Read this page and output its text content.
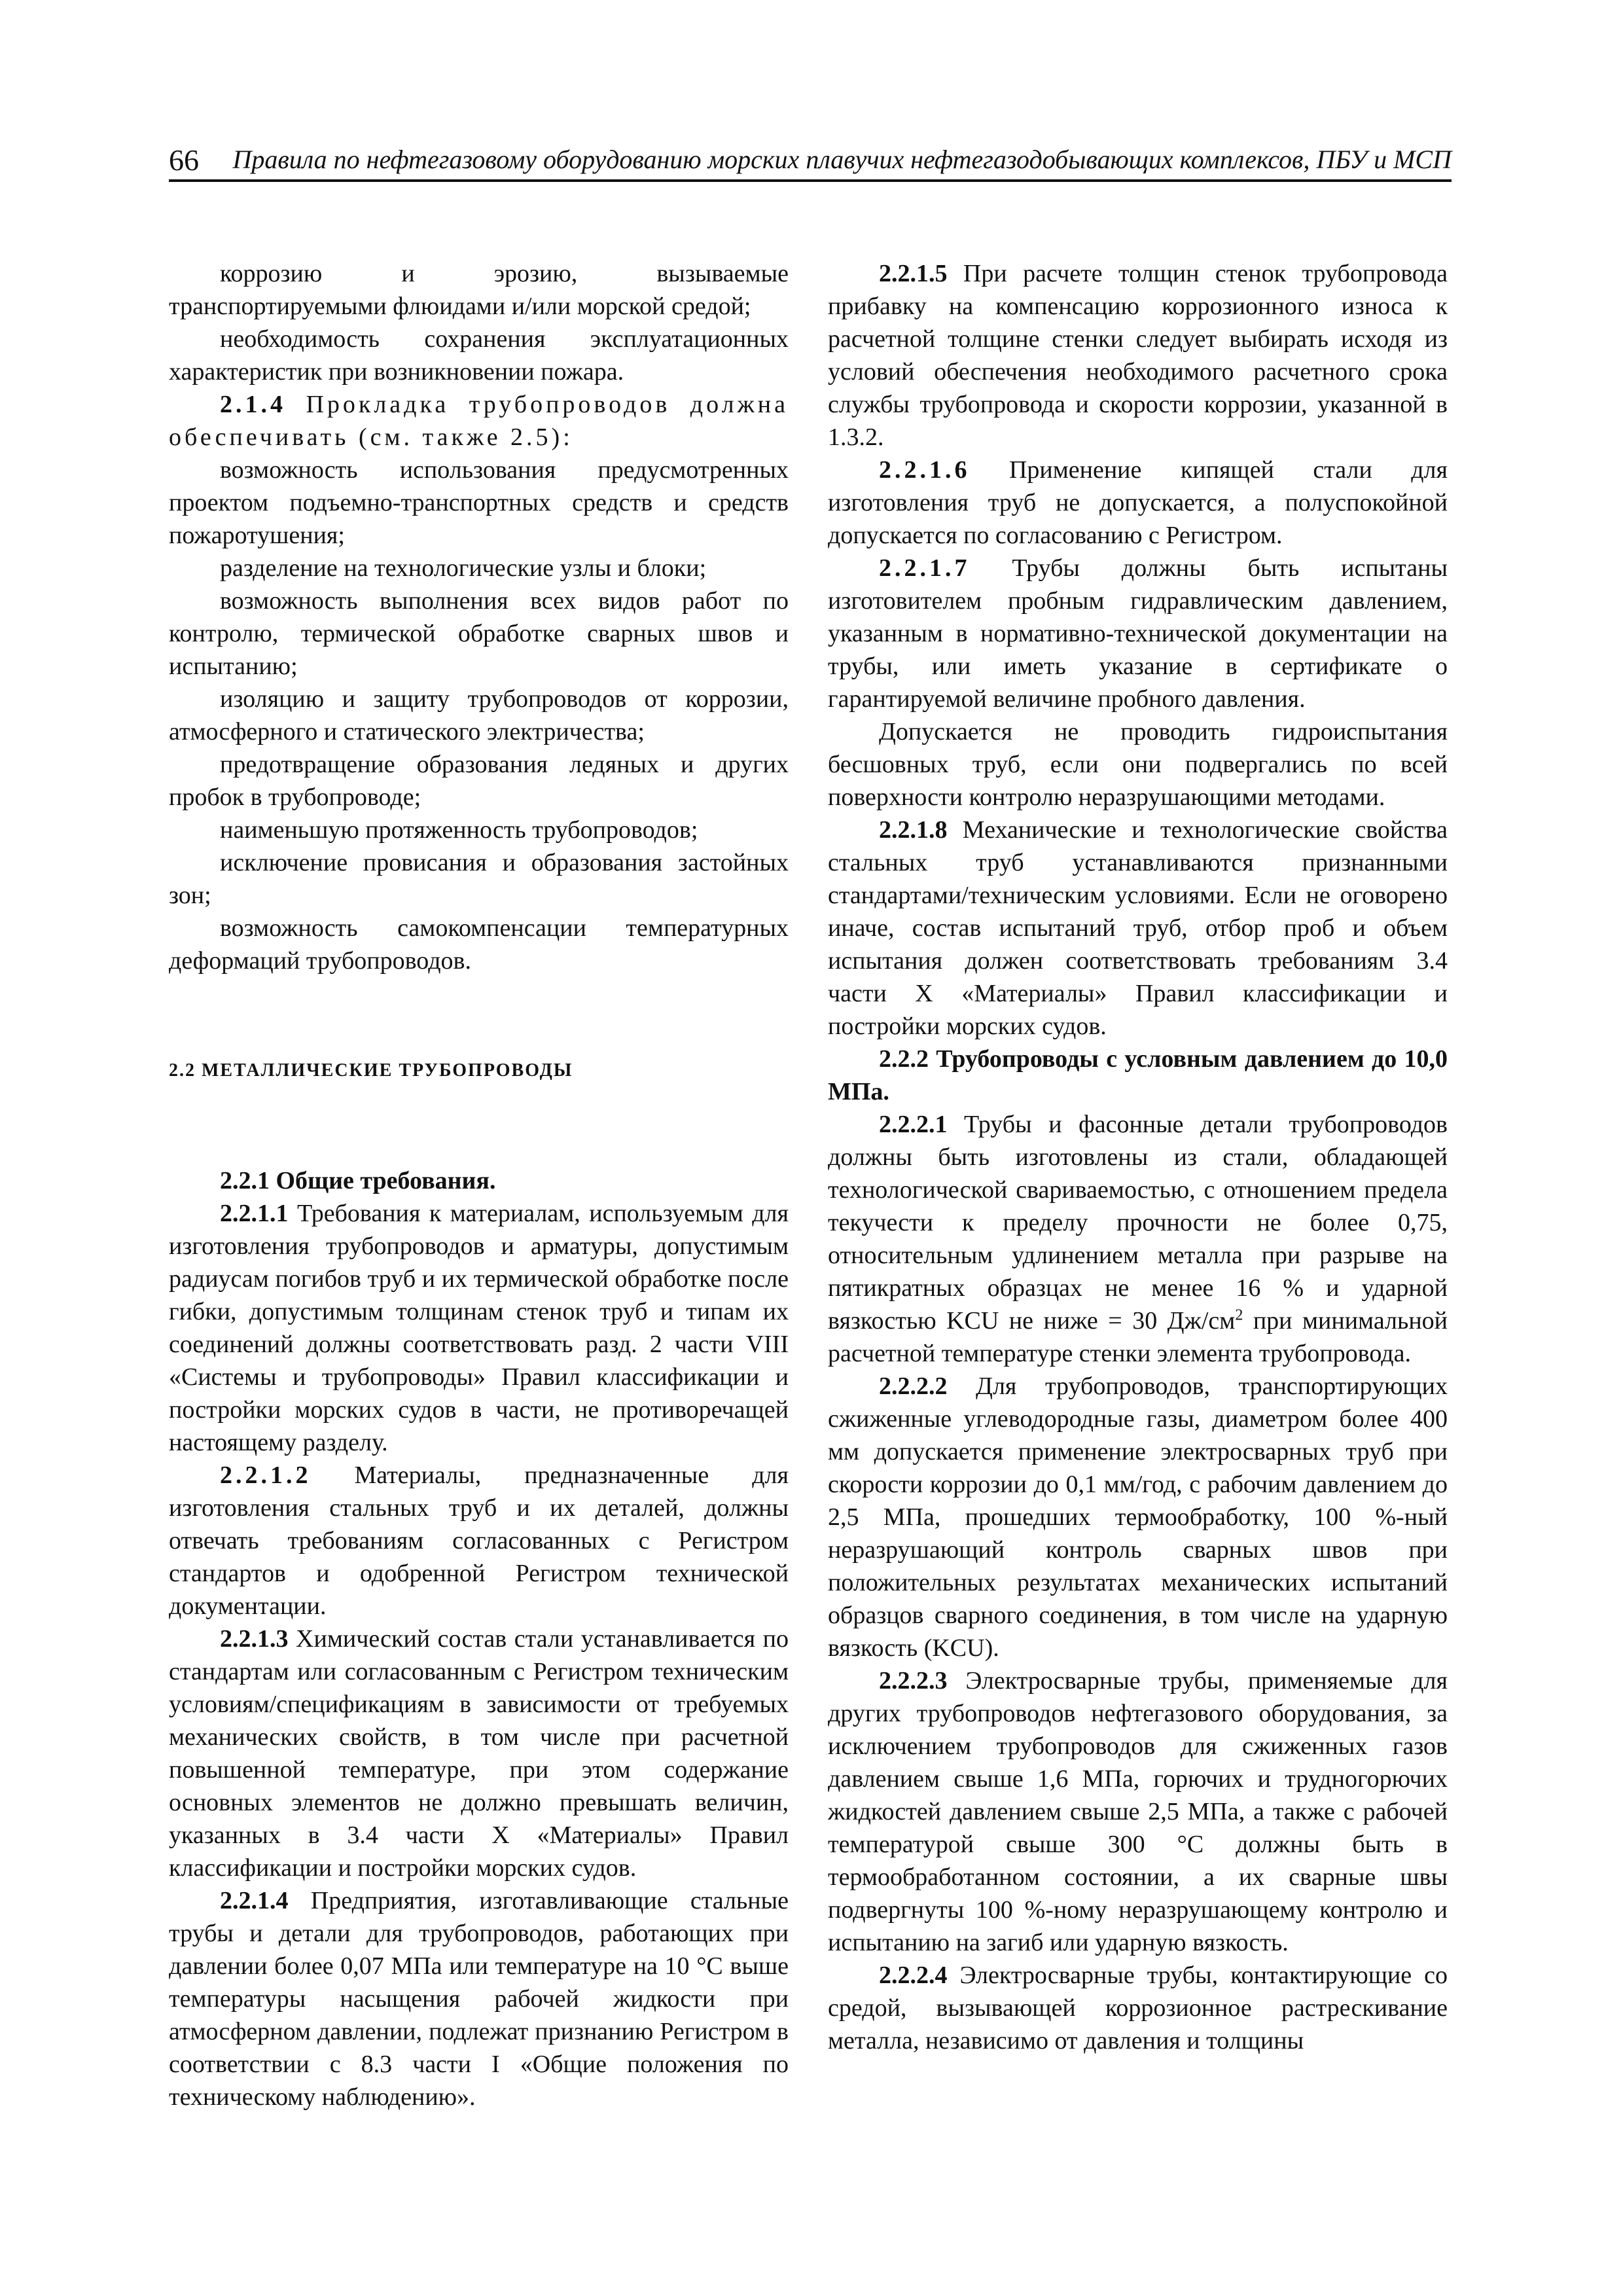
66 Правила по нефтегазовому оборудованию морских плавучих нефтегазодобывающих комплексов, ПБУ и МСП

коррозию и эрозию, вызываемые транспортируемыми флюидами и/или морской средой;

необходимость сохранения эксплуатационных характеристик при возникновении пожара.

2.1.4 Прокладка трубопроводов должна обеспечивать (см. также 2.5):

возможность использования предусмотренных проектом подъемно-транспортных средств и средств пожаротушения;

разделение на технологические узлы и блоки;

возможность выполнения всех видов работ по контролю, термической обработке сварных швов и испытанию;

изоляцию и защиту трубопроводов от коррозии, атмосферного и статического электричества;

предотвращение образования ледяных и других пробок в трубопроводе;

наименьшую протяженность трубопроводов;

исключение провисания и образования застойных зон;

возможность самокомпенсации температурных деформаций трубопроводов.

2.2 МЕТАЛЛИЧЕСКИЕ ТРУБОПРОВОДЫ

2.2.1 Общие требования.

2.2.1.1 Требования к материалам, используемым для изготовления трубопроводов и арматуры, допустимым радиусам погибов труб и их термической обработке после гибки, допустимым толщинам стенок труб и типам их соединений должны соответствовать разд. 2 части VIII «Системы и трубопроводы» Правил классификации и постройки морских судов в части, не противоречащей настоящему разделу.

2.2.1.2 Материалы, предназначенные для изготовления стальных труб и их деталей, должны отвечать требованиям согласованных с Регистром стандартов и одобренной Регистром технической документации.

2.2.1.3 Химический состав стали устанавливается по стандартам или согласованным с Регистром техническим условиям/спецификациям в зависимости от требуемых механических свойств, в том числе при расчетной повышенной температуре, при этом содержание основных элементов не должно превышать величин, указанных в 3.4 части X «Материалы» Правил классификации и постройки морских судов.

2.2.1.4 Предприятия, изготавливающие стальные трубы и детали для трубопроводов, работающих при давлении более 0,07 МПа или температуре на 10 °С выше температуры насыщения рабочей жидкости при атмосферном давлении, подлежат признанию Регистром в соответствии с 8.3 части I «Общие положения по техническому наблюдению».

2.2.1.5 При расчете толщин стенок трубопровода прибавку на компенсацию коррозионного износа к расчетной толщине стенки следует выбирать исходя из условий обеспечения необходимого расчетного срока службы трубопровода и скорости коррозии, указанной в 1.3.2.

2.2.1.6 Применение кипящей стали для изготовления труб не допускается, а полуспокойной допускается по согласованию с Регистром.

2.2.1.7 Трубы должны быть испытаны изготовителем пробным гидравлическим давлением, указанным в нормативно-технической документации на трубы, или иметь указание в сертификате о гарантируемой величине пробного давления.

Допускается не проводить гидроиспытания бесшовных труб, если они подвергались по всей поверхности контролю неразрушающими методами.

2.2.1.8 Механические и технологические свойства стальных труб устанавливаются признанными стандартами/техническим условиями. Если не оговорено иначе, состав испытаний труб, отбор проб и объем испытания должен соответствовать требованиям 3.4 части X «Материалы» Правил классификации и постройки морских судов.

2.2.2 Трубопроводы с условным давлением до 10,0 МПа.

2.2.2.1 Трубы и фасонные детали трубопроводов должны быть изготовлены из стали, обладающей технологической свариваемостью, с отношением предела текучести к пределу прочности не более 0,75, относительным удлинением металла при разрыве на пятикратных образцах не менее 16 % и ударной вязкостью KCU не ниже = 30 $Дж/см^2$ при минимальной расчетной температуре стенки элемента трубопровода.

2.2.2.2 Для трубопроводов, транспортирующих сжиженные углеводородные газы, диаметром более 400 мм допускается применение электросварных труб при скорости коррозии до 0,1 мм/год, с рабочим давлением до 2,5 МПа, прошедших термообработку, 100 %-ный неразрушающий контроль сварных швов при положительных результатах механических испытаний образцов сварного соединения, в том числе на ударную вязкость (KCU).

2.2.2.3 Электросварные трубы, применяемые для других трубопроводов нефтегазового оборудования, за исключением трубопроводов для сжиженных газов давлением свыше 1,6 МПа, горючих и трудногорючих жидкостей давлением свыше 2,5 МПа, а также с рабочей температурой свыше 300 °С должны быть в термообработанном состоянии, а их сварные швы подвергнуты 100 %-ному неразрушающему контролю и испытанию на загиб или ударную вязкость.

2.2.2.4 Электросварные трубы, контактирующие со средой, вызывающей коррозионное растрескивание металла, независимо от давления и толщины
